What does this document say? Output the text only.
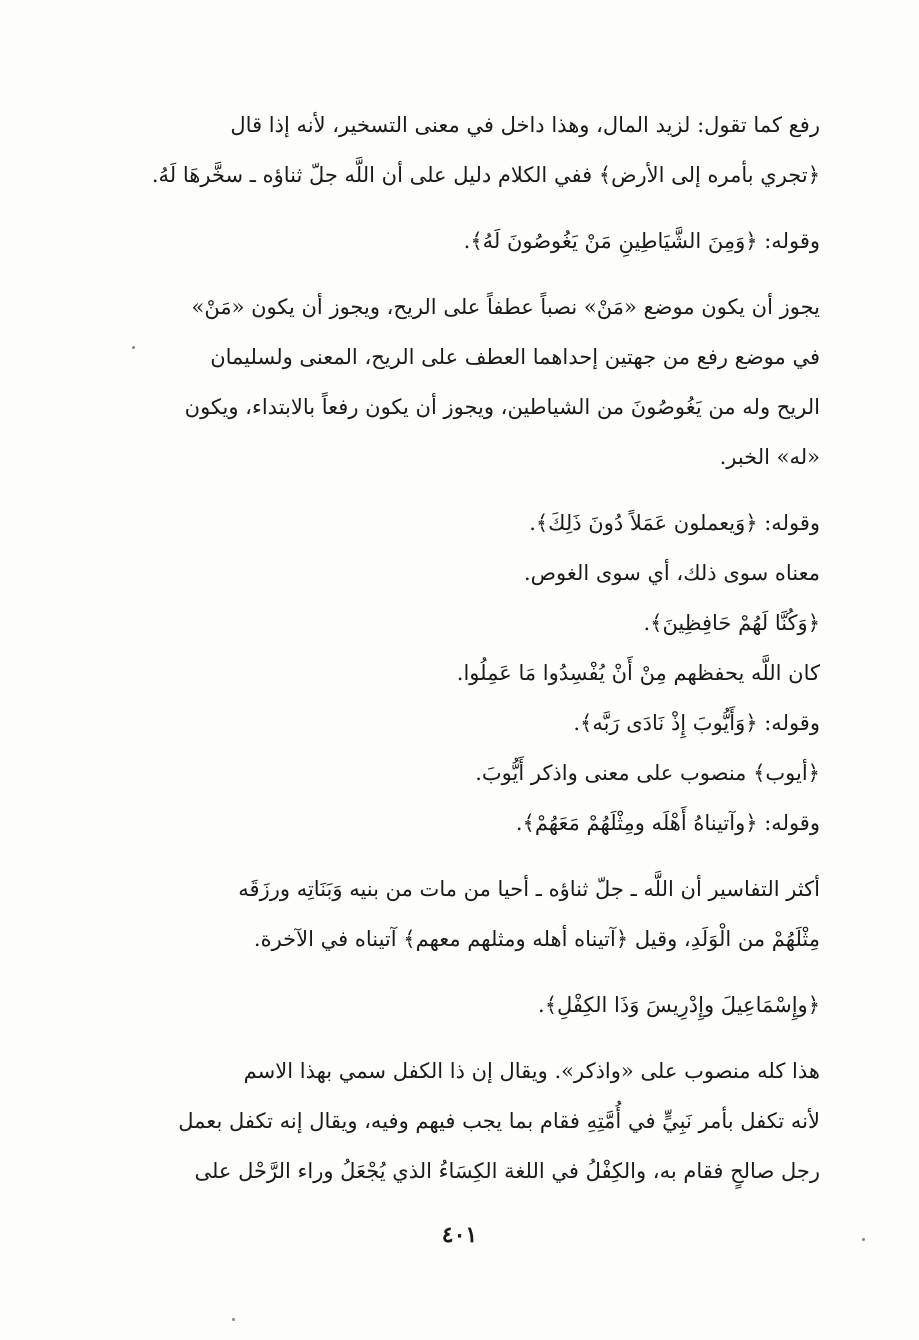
رفع كما تقول: لزيد المال، وهذا داخل في معنى التسخير، لأنه إذا قال
﴿تجري بأمره إلى الأرض﴾ ففي الكلام دليل على أن اللَّه جلّ ثناؤه ـ سخَّرهَا لَهُ.
وقوله: ﴿وَمِنَ الشَّيَاطِينِ مَنْ يَغُوصُونَ لَهُ﴾.
يجوز أن يكون موضع «مَنْ» نصباً عطفاً على الريح، ويجوز أن يكون «مَنْ»
في موضع رفع من جهتين إحداهما العطف على الريح، المعنى ولسليمان
الريح وله من يَغُوصُونَ من الشياطين، ويجوز أن يكون رفعاً بالابتداء، ويكون
«له» الخبر.
وقوله: ﴿وَيعملون عَمَلاً دُونَ ذَلِكَ﴾.
معناه سوى ذلك، أي سوى الغوص.
﴿وَكُنَّا لَهُمْ حَافِظِينَ﴾.
كان اللَّه يحفظهم مِنْ أَنْ يُفْسِدُوا مَا عَمِلُوا.
وقوله: ﴿وَأَيُّوبَ إِذْ نَادَى رَبَّه﴾.
﴿أيوب﴾ منصوب على معنى واذكر أَيُّوبَ.
وقوله: ﴿وآتيناهُ أَهْلَه ومِثْلَهُمْ مَعَهُمْ﴾.
أكثر التفاسير أن اللَّه ـ جلّ ثناؤه ـ أحيا من مات من بنيه وَبَنَاتِه ورزَقَه
مِثْلَهُمْ من الْوَلَدِ، وقيل ﴿آتيناه أهله ومثلهم معهم﴾ آتيناه في الآخرة.
﴿وإِسْمَاعِيلَ وإِدْرِيسَ وَذَا الكِفْلِ﴾.
هذا كله منصوب على «واذكر». ويقال إن ذا الكفل سمي بهذا الاسم
لأنه تكفل بأمر نَبِيٍّ في أُمَّتِهِ فقام بما يجب فيهم وفيه، ويقال إنه تكفل بعمل
رجل صالحٍ فقام به، والكِفْلُ في اللغة الكِسَاءُ الذي يُجْعَلُ وراء الرَّحْل على
٤٠١
